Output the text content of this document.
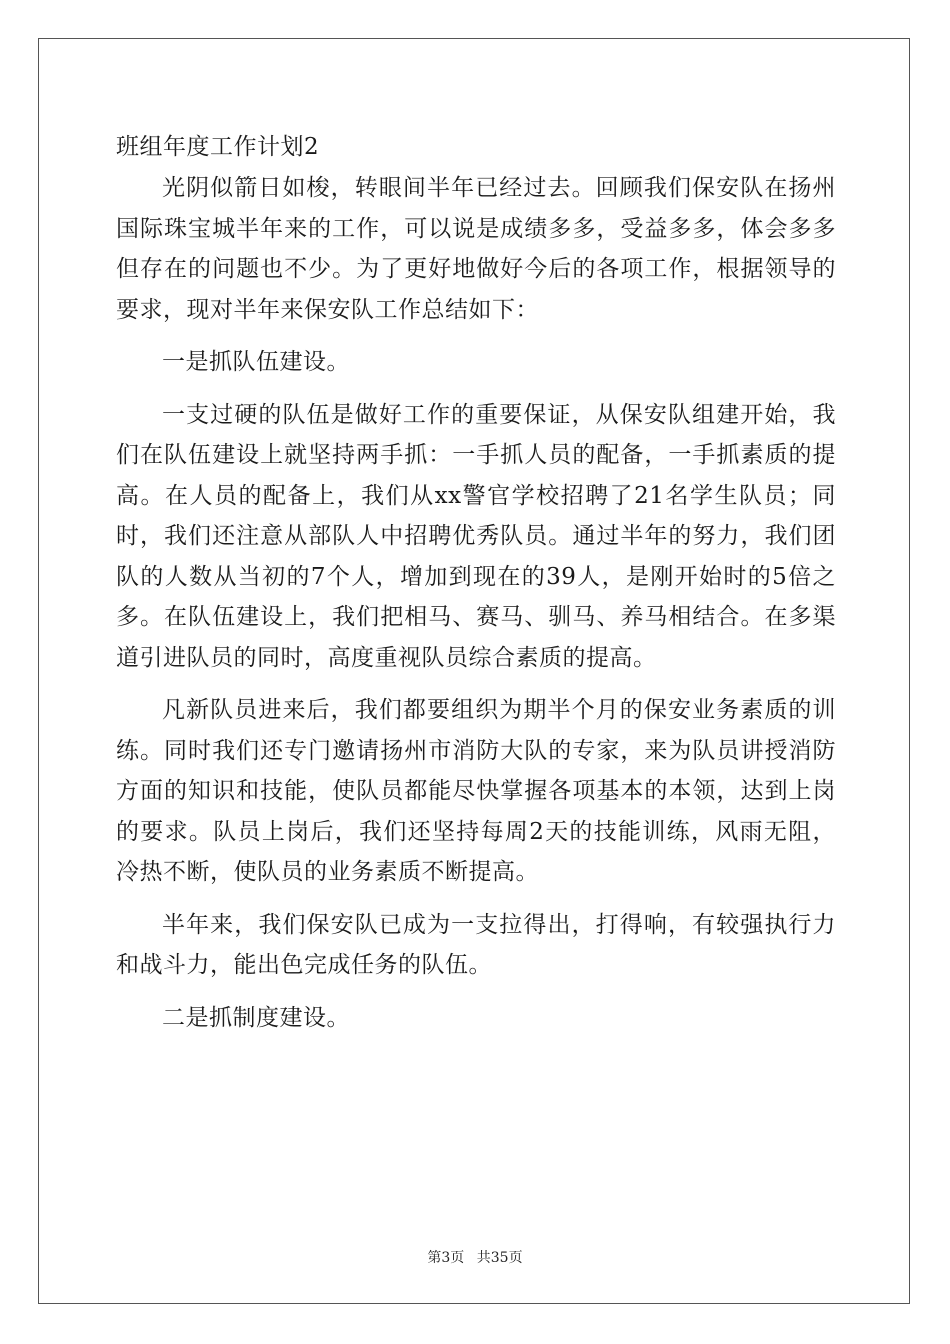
班组年度工作计划2

光阴似箭日如梭，转眼间半年已经过去。回顾我们保安队在扬州国际珠宝城半年来的工作，可以说是成绩多多，受益多多，体会多多但存在的问题也不少。为了更好地做好今后的各项工作，根据领导的要求，现对半年来保安队工作总结如下：

一是抓队伍建设。

一支过硬的队伍是做好工作的重要保证，从保安队组建开始，我们在队伍建设上就坚持两手抓：一手抓人员的配备，一手抓素质的提高。在人员的配备上，我们从xx警官学校招聘了21名学生队员；同时，我们还注意从部队人中招聘优秀队员。通过半年的努力，我们团队的人数从当初的7个人，增加到现在的39人，是刚开始时的5倍之多。在队伍建设上，我们把相马、赛马、驯马、养马相结合。在多渠道引进队员的同时，高度重视队员综合素质的提高。

凡新队员进来后，我们都要组织为期半个月的保安业务素质的训练。同时我们还专门邀请扬州市消防大队的专家，来为队员讲授消防方面的知识和技能，使队员都能尽快掌握各项基本的本领，达到上岗的要求。队员上岗后，我们还坚持每周2天的技能训练，风雨无阻，冷热不断，使队员的业务素质不断提高。

半年来，我们保安队已成为一支拉得出，打得响，有较强执行力和战斗力，能出色完成任务的队伍。

二是抓制度建设。

第3页 共35页
